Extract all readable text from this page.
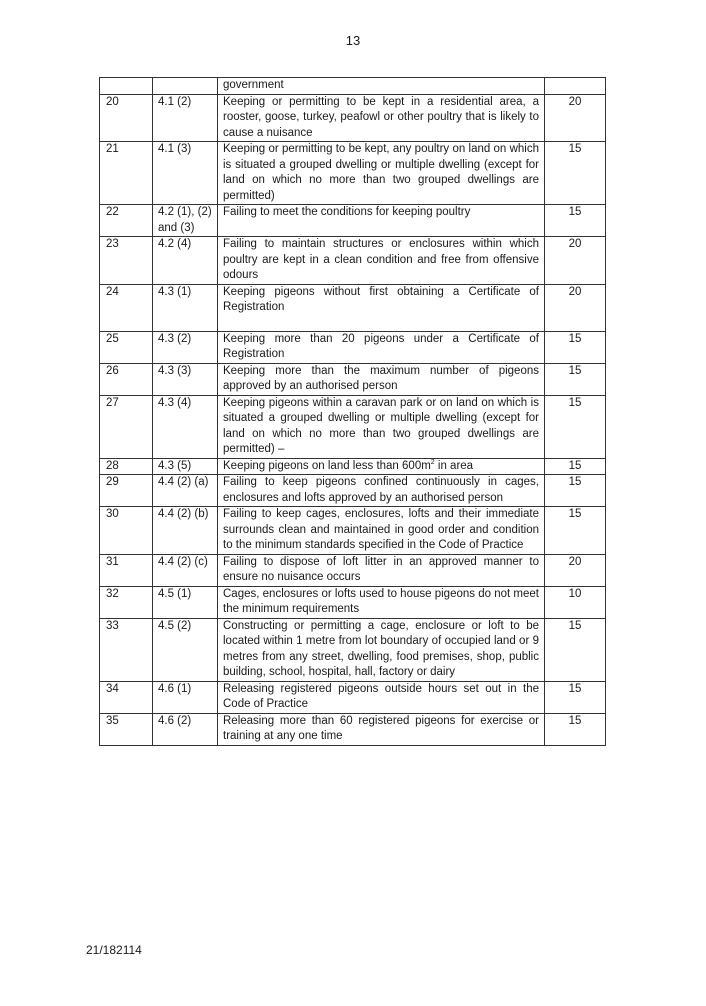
13
		government	
20	4.1 (2)	Keeping or permitting to be kept in a residential area, a rooster, goose, turkey, peafowl or other poultry that is likely to cause a nuisance	20
21	4.1 (3)	Keeping or permitting to be kept, any poultry on land on which is situated a grouped dwelling or multiple dwelling (except for land on which no more than two grouped dwellings are permitted)	15
22	4.2 (1), (2) and (3)	Failing to meet the conditions for keeping poultry	15
23	4.2 (4)	Failing to maintain structures or enclosures within which poultry are kept in a clean condition and free from offensive odours	20
24	4.3 (1)	Keeping pigeons without first obtaining a Certificate of Registration	20
25	4.3 (2)	Keeping more than 20 pigeons under a Certificate of Registration	15
26	4.3 (3)	Keeping more than the maximum number of pigeons approved by an authorised person	15
27	4.3 (4)	Keeping pigeons within a caravan park or on land on which is situated a grouped dwelling or multiple dwelling (except for land on which no more than two grouped dwellings are permitted) –	15
28	4.3 (5)	Keeping pigeons on land less than $600m^2$ in area	15
29	4.4 (2) (a)	Failing to keep pigeons confined continuously in cages, enclosures and lofts approved by an authorised person	15
30	4.4 (2) (b)	Failing to keep cages, enclosures, lofts and their immediate surrounds clean and maintained in good order and condition to the minimum standards specified in the Code of Practice	15
31	4.4 (2) (c)	Failing to dispose of loft litter in an approved manner to ensure no nuisance occurs	20
32	4.5 (1)	Cages, enclosures or lofts used to house pigeons do not meet the minimum requirements	10
33	4.5 (2)	Constructing or permitting a cage, enclosure or loft to be located within 1 metre from lot boundary of occupied land or 9 metres from any street, dwelling, food premises, shop, public building, school, hospital, hall, factory or dairy	15
34	4.6 (1)	Releasing registered pigeons outside hours set out in the Code of Practice	15
35	4.6 (2)	Releasing more than 60 registered pigeons for exercise or training at any one time	15
21/182114
